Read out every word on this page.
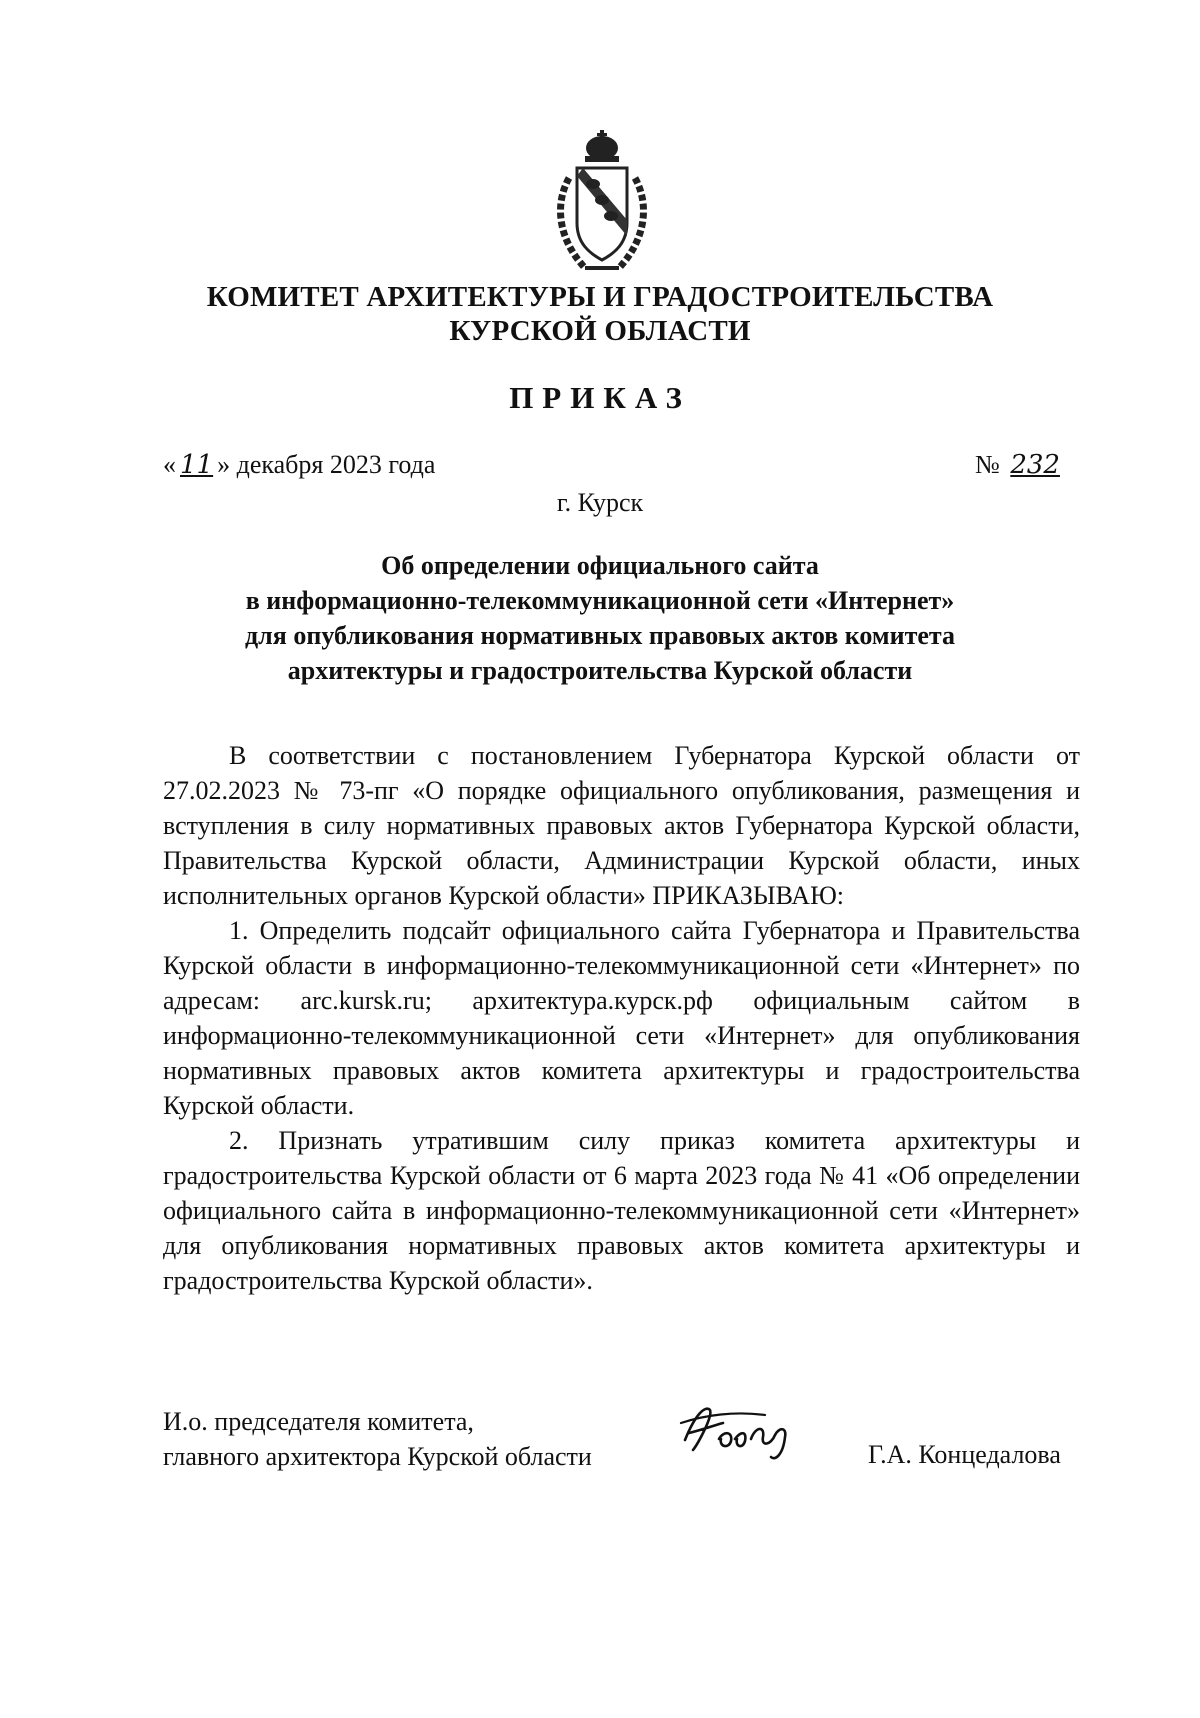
КОМИТЕТ АРХИТЕКТУРЫ И ГРАДОСТРОИТЕЛЬСТВА
КУРСКОЙ ОБЛАСТИ
ПРИКАЗ
« 11 » декабря 2023 года	№ 232
г. Курск
Об определении официального сайта
в информационно-телекоммуникационной сети «Интернет»
для опубликования нормативных правовых актов комитета
архитектуры и градостроительства Курской области
В соответствии с постановлением Губернатора Курской области от 27.02.2023 № 73-пг «О порядке официального опубликования, размещения и вступления в силу нормативных правовых актов Губернатора Курской области, Правительства Курской области, Администрации Курской области, иных исполнительных органов Курской области» ПРИКАЗЫВАЮ:
1. Определить подсайт официального сайта Губернатора и Правительства Курской области в информационно-телекоммуникационной сети «Интернет» по адресам: arc.kursk.ru; архитектура.курск.рф официальным сайтом в информационно-телекоммуникационной сети «Интернет» для опубликования нормативных правовых актов комитета архитектуры и градостроительства Курской области.
2. Признать утратившим силу приказ комитета архитектуры и градостроительства Курской области от 6 марта 2023 года № 41 «Об определении официального сайта в информационно-телекоммуникационной сети «Интернет» для опубликования нормативных правовых актов комитета архитектуры и градостроительства Курской области».
И.о. председателя комитета,
главного архитектора Курской области	Г.А. Концедалова
